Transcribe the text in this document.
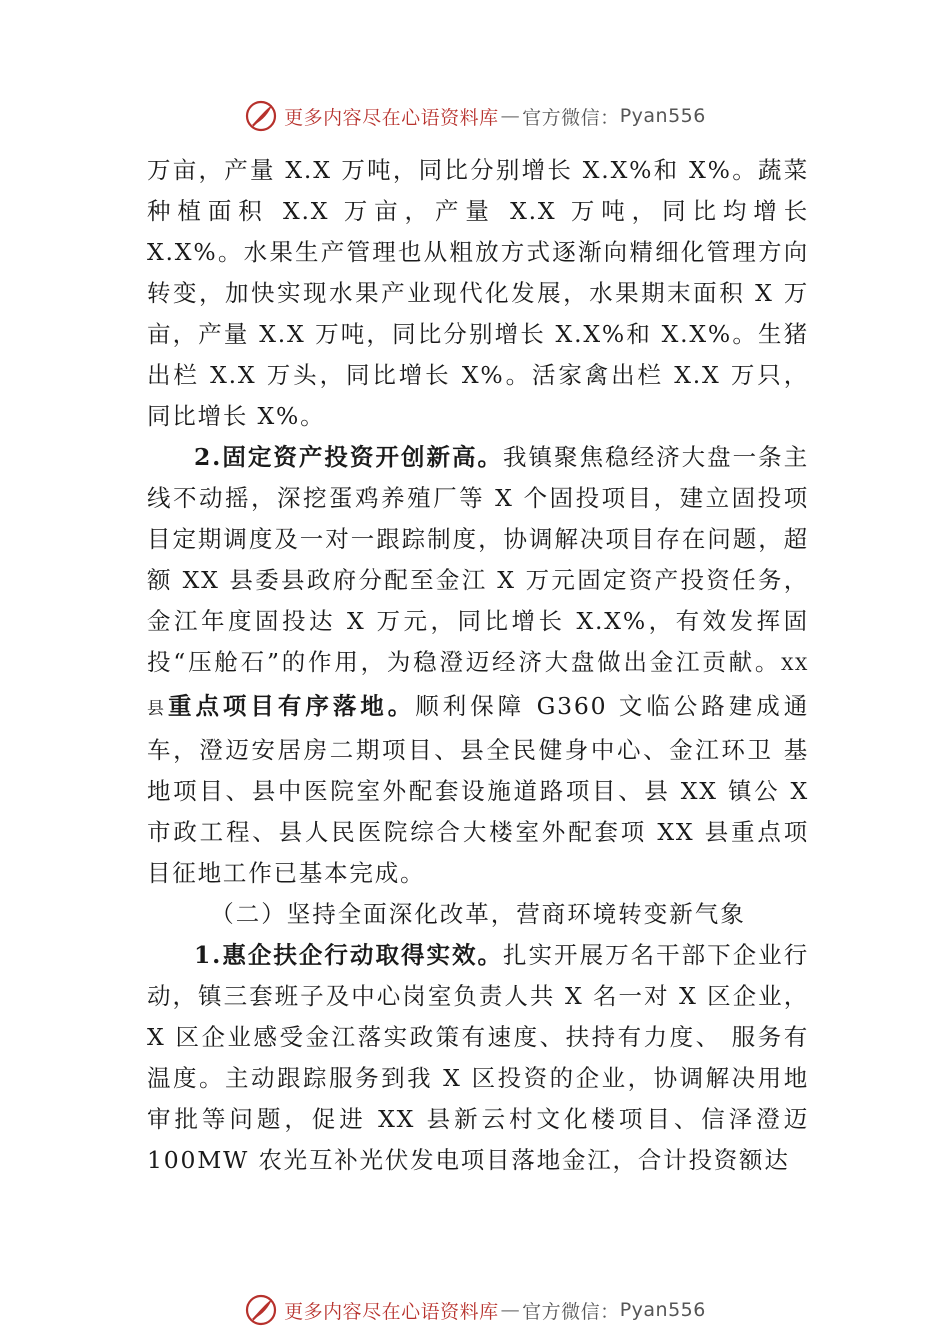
更多内容尽在心语资料库 — 官方微信： Pyan556

万亩，产量 X.X 万吨，同比分别增长 X.X%和 X%。蔬菜种植面积 X.X 万亩，产量 X.X 万吨，同比均增长 X.X%。水果生产管理也从粗放方式逐渐向精细化管理方向转变，加快实现水果产业现代化发展，水果期末面积 X 万亩，产量 X.X 万吨，同比分别增长 X.X%和 X.X%。生猪出栏 X.X 万头，同比增长 X%。活家禽出栏 X.X 万只，同比增长 X%。

2.固定资产投资开创新高。我镇聚焦稳经济大盘一条主线不动摇，深挖蛋鸡养殖厂等 X 个固投项目，建立固投项目定期调度及一对一跟踪制度，协调解决项目存在问题，超额 XX 县委县政府分配至金江 X 万元固定资产投资任务， 金江年度固投达 X 万元，同比增长 X.X%，有效发挥固投“压舱石”的作用，为稳澄迈经济大盘做出金江贡献。XX 县重点项目有序落地。顺利保障 G360 文临公路建成通车，澄迈安居房二期项目、县全民健身中心、金江环卫 基地项目、县中医院室外配套设施道路项目、县 XX 镇公 X 市政工程、县人民医院综合大楼室外配套项 XX 县重点项目征地工作已基本完成。

（二）坚持全面深化改革，营商环境转变新气象

1.惠企扶企行动取得实效。扎实开展万名干部下企业行动，镇三套班子及中心岗室负责人共 X 名一对 X 区企业，X 区企业感受金江落实政策有速度、扶持有力度、 服务有温度。主动跟踪服务到我 X 区投资的企业，协调解决用地审批等问题，促进 XX 县新云村文化楼项目、信泽澄迈 100MW 农光互补光伏发电项目落地金江，合计投资额达

更多内容尽在心语资料库 — 官方微信： Pyan556
